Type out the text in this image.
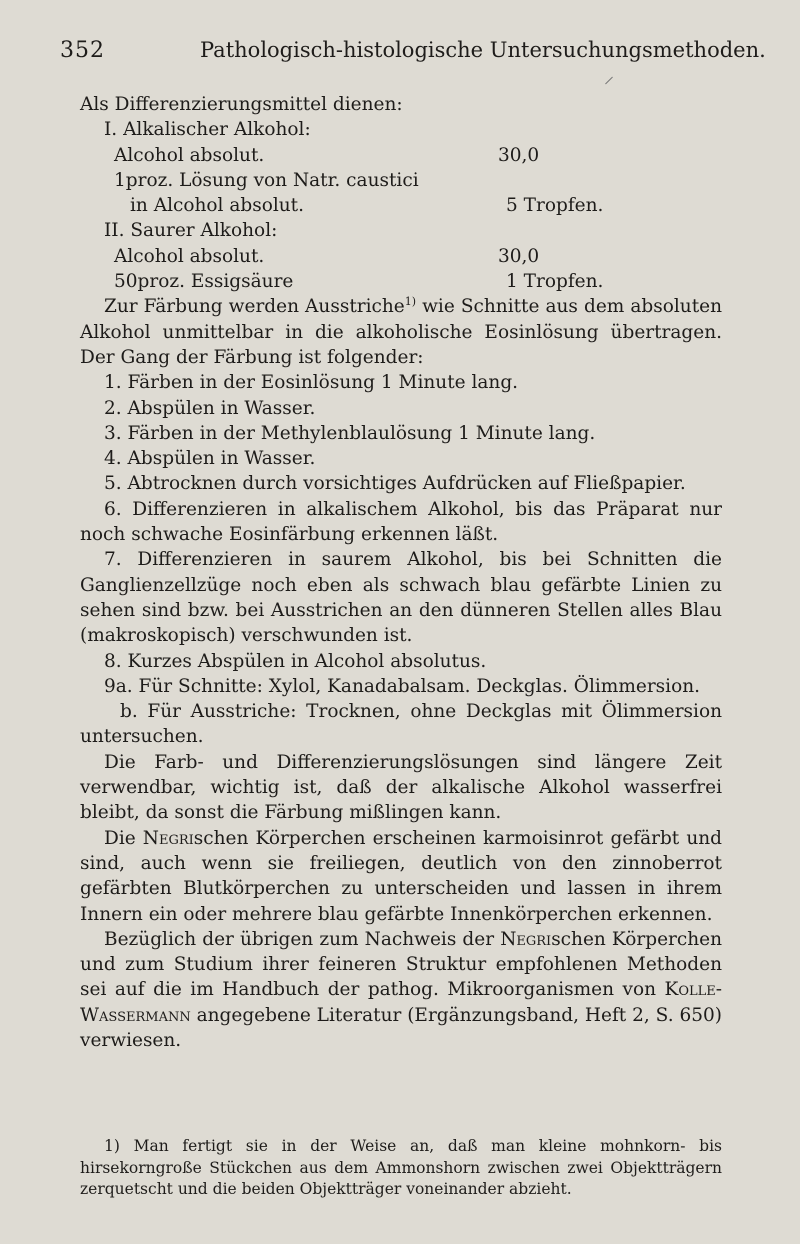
352	Pathologisch-histologische Untersuchungsmethoden.
Als Differenzierungsmittel dienen:
I. Alkalischer Alkohol:
Alcohol absolut.	30,0
1proz. Lösung von Natr. caustici
in Alcohol absolut.	5 Tropfen.
II. Saurer Alkohol:
Alcohol absolut.	30,0
50proz. Essigsäure	1 Tropfen.
Zur Färbung werden Ausstriche$^{1)}$ wie Schnitte aus dem absoluten Alkohol unmittelbar in die alkoholische Eosinlösung übertragen. Der Gang der Färbung ist folgender:
1. Färben in der Eosinlösung 1 Minute lang.
2. Abspülen in Wasser.
3. Färben in der Methylenblaulösung 1 Minute lang.
4. Abspülen in Wasser.
5. Abtrocknen durch vorsichtiges Aufdrücken auf Fließpapier.
6. Differenzieren in alkalischem Alkohol, bis das Präparat nur noch schwache Eosinfärbung erkennen läßt.
7. Differenzieren in saurem Alkohol, bis bei Schnitten die Ganglienzellzüge noch eben als schwach blau gefärbte Linien zu sehen sind bzw. bei Ausstrichen an den dünneren Stellen alles Blau (makroskopisch) verschwunden ist.
8. Kurzes Abspülen in Alcohol absolutus.
9a. Für Schnitte: Xylol, Kanadabalsam. Deckglas. Ölimmersion.
b. Für Ausstriche: Trocknen, ohne Deckglas mit Ölimmersion untersuchen.
Die Farb- und Differenzierungslösungen sind längere Zeit verwendbar, wichtig ist, daß der alkalische Alkohol wasserfrei bleibt, da sonst die Färbung mißlingen kann.
Die Negrischen Körperchen erscheinen karmoisinrot gefärbt und sind, auch wenn sie freiliegen, deutlich von den zinnoberrot gefärbten Blutkörperchen zu unterscheiden und lassen in ihrem Innern ein oder mehrere blau gefärbte Innenkörperchen erkennen.
Bezüglich der übrigen zum Nachweis der Negrischen Körperchen und zum Studium ihrer feineren Struktur empfohlenen Methoden sei auf die im Handbuch der pathog. Mikroorganismen von Kolle-Wassermann angegebene Literatur (Ergänzungsband, Heft 2, S. 650) verwiesen.
1) Man fertigt sie in der Weise an, daß man kleine mohnkorn- bis hirsekorngroße Stückchen aus dem Ammonshorn zwischen zwei Objektträgern zerquetscht und die beiden Objektträger voneinander abzieht.
